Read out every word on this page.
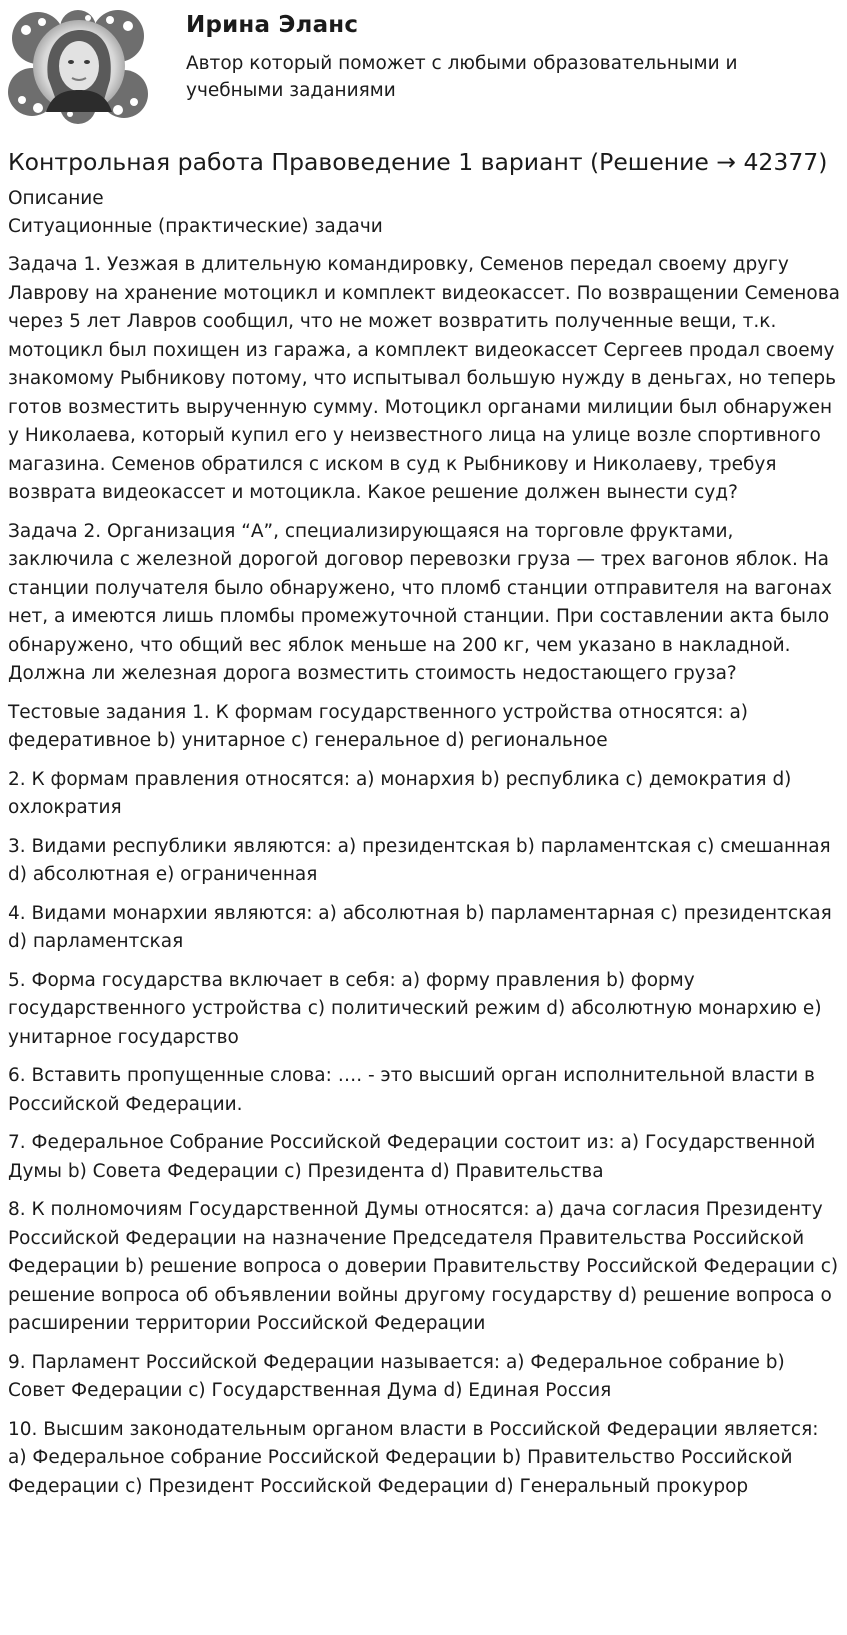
Ирина Эланс
Автор который поможет с любыми образовательными и учебными заданиями
Контрольная работа Правоведение 1 вариант (Решение → 42377)
Описание
Ситуационные (практические) задачи

Задача 1. Уезжая в длительную командировку, Семенов передал своему другу Лаврову на хранение мотоцикл и комплект видеокассет. По возвращении Семенова через 5 лет Лавров сообщил, что не может возвратить полученные вещи, т.к. мотоцикл был похищен из гаража, а комплект видеокассет Сергеев продал своему знакомому Рыбникову потому, что испытывал большую нужду в деньгах, но теперь готов возместить вырученную сумму. Мотоцикл органами милиции был обнаружен у Николаева, который купил его у неизвестного лица на улице возле спортивного магазина. Семенов обратился с иском в суд к Рыбникову и Николаеву, требуя возврата видеокассет и мотоцикла. Какое решение должен вынести суд?

Задача 2. Организация “А”, специализирующаяся на торговле фруктами, заключила с железной дорогой договор перевозки груза — трех вагонов яблок. На станции получателя было обнаружено, что пломб станции отправителя на вагонах нет, а имеются лишь пломбы промежуточной станции. При составлении акта было обнаружено, что общий вес яблок меньше на 200 кг, чем указано в накладной. Должна ли железная дорога возместить стоимость недостающего груза?

Тестовые задания 1. К формам государственного устройства относятся: a) федеративное b) унитарное c) генеральное d) региональное

2. К формам правления относятся: a) монархия b) республика c) демократия d) охлократия

3. Видами республики являются: a) президентская b) парламентская c) смешанная d) абсолютная e) ограниченная

4. Видами монархии являются: a) абсолютная b) парламентарная c) президентская d) парламентская

5. Форма государства включает в себя: a) форму правления b) форму государственного устройства c) политический режим d) абсолютную монархию e) унитарное государство

6. Вставить пропущенные слова: …. - это высший орган исполнительной власти в Российской Федерации.

7. Федеральное Собрание Российской Федерации состоит из: a) Государственной Думы b) Совета Федерации c) Президента d) Правительства

8. К полномочиям Государственной Думы относятся: a) дача согласия Президенту Российской Федерации на назначение Председателя Правительства Российской Федерации b) решение вопроса о доверии Правительству Российской Федерации c) решение вопроса об объявлении войны другому государству d) решение вопроса о расширении территории Российской Федерации

9. Парламент Российской Федерации называется: a) Федеральное собрание b) Совет Федерации c) Государственная Дума d) Единая Россия

10. Высшим законодательным органом власти в Российской Федерации является: a) Федеральное собрание Российской Федерации b) Правительство Российской Федерации c) Президент Российской Федерации d) Генеральный прокурор
